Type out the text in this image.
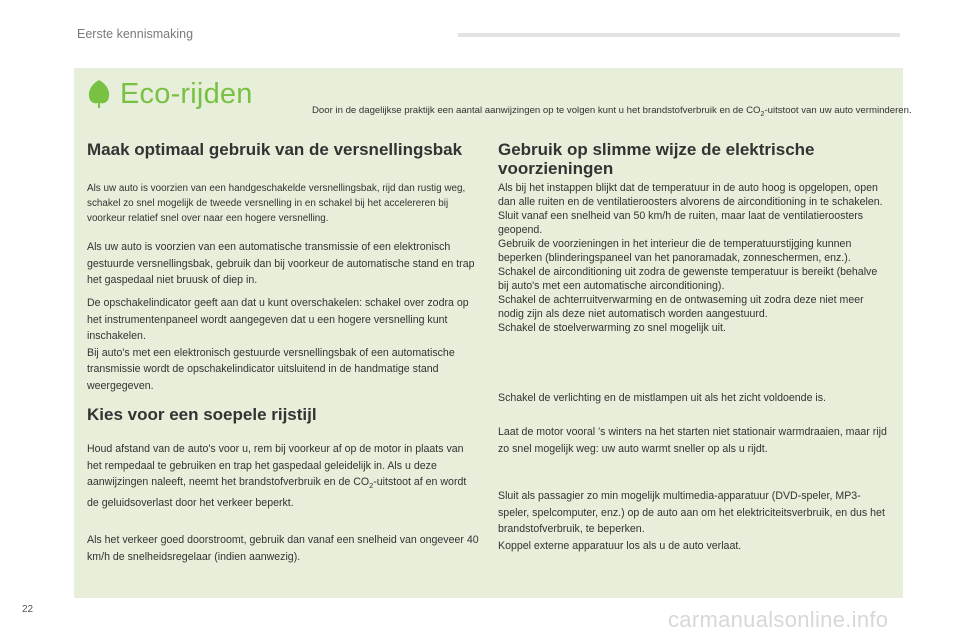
Eerste kennismaking
Eco-rijden
Door in de dagelijkse praktijk een aantal aanwijzingen op te volgen kunt u het brandstofverbruik en de $CO_2$-uitstoot van uw auto verminderen.
Maak optimaal gebruik van de versnellingsbak

Als uw auto is voorzien van een handgeschakelde versnellingsbak, rijd dan rustig weg, schakel zo snel mogelijk de tweede versnelling in en schakel bij het accelereren bij voorkeur relatief snel over naar een hogere versnelling.

Als uw auto is voorzien van een automatische transmissie of een elektronisch gestuurde versnellingsbak, gebruik dan bij voorkeur de automatische stand en trap het gaspedaal niet bruusk of diep in.

De opschakelindicator geeft aan dat u kunt overschakelen: schakel over zodra op het instrumentenpaneel wordt aangegeven dat u een hogere versnelling kunt inschakelen.

Bij auto's met een elektronisch gestuurde versnellingsbak of een automatische transmissie wordt de opschakelindicator uitsluitend in de handmatige stand weergegeven.

Kies voor een soepele rijstijl

Houd afstand van de auto's voor u, rem bij voorkeur af op de motor in plaats van het rempedaal te gebruiken en trap het gaspedaal geleidelijk in. Als u deze aanwijzingen naleeft, neemt het brandstofverbruik en de $CO_2$-uitstoot af en wordt de geluidsoverlast door het verkeer beperkt.

Als het verkeer goed doorstroomt, gebruik dan vanaf een snelheid van ongeveer 40 km/h de snelheidsregelaar (indien aanwezig).

Gebruik op slimme wijze de elektrische voorzieningen

Als bij het instappen blijkt dat de temperatuur in de auto hoog is opgelopen, open dan alle ruiten en de ventilatieroosters alvorens de airconditioning in te schakelen.

Sluit vanaf een snelheid van 50 km/h de ruiten, maar laat de ventilatieroosters geopend.

Gebruik de voorzieningen in het interieur die de temperatuurstijging kunnen beperken (blinderingspaneel van het panoramadak, zonneschermen, enz.).

Schakel de airconditioning uit zodra de gewenste temperatuur is bereikt (behalve bij auto's met een automatische airconditioning).

Schakel de achterruitverwarming en de ontwaseming uit zodra deze niet meer nodig zijn als deze niet automatisch worden aangestuurd.

Schakel de stoelverwarming zo snel mogelijk uit.

Schakel de verlichting en de mistlampen uit als het zicht voldoende is.

Laat de motor vooral 's winters na het starten niet stationair warmdraaien, maar rijd zo snel mogelijk weg: uw auto warmt sneller op als u rijdt.

Sluit als passagier zo min mogelijk multimedia-apparatuur (DVD-speler, MP3-speler, spelcomputer, enz.) op de auto aan om het elektriciteitsverbruik, en dus het brandstofverbruik, te beperken.

Koppel externe apparatuur los als u de auto verlaat.

22	carmanualsonline.info
